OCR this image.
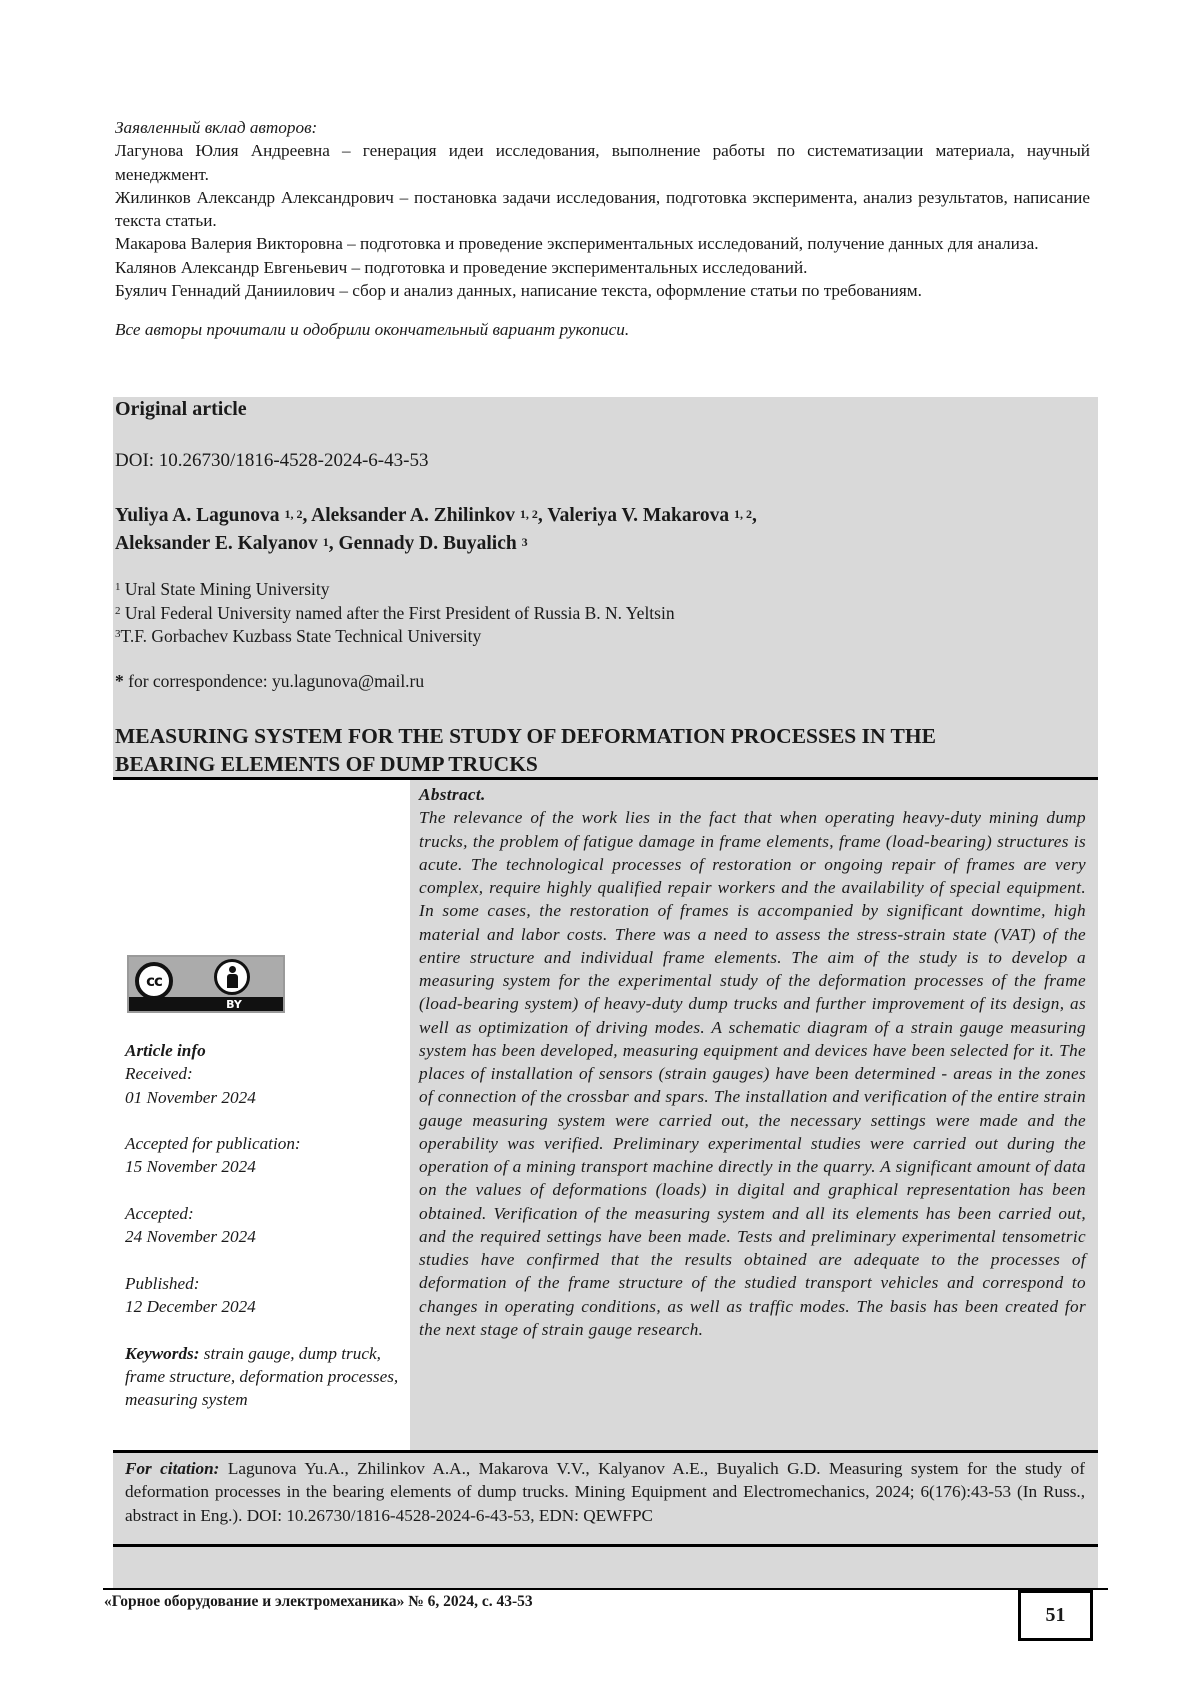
Заявленный вклад авторов:

Лагунова Юлия Андреевна – генерация идеи исследования, выполнение работы по систематизации материала, научный менеджмент.

Жилинков Александр Александрович – постановка задачи исследования, подготовка эксперимента, анализ результатов, написание текста статьи.

Макарова Валерия Викторовна – подготовка и проведение экспериментальных исследований, получение данных для анализа.

Калянов Александр Евгеньевич – подготовка и проведение экспериментальных исследований.

Буялич Геннадий Даниилович – сбор и анализ данных, написание текста, оформление статьи по требованиям.

Все авторы прочитали и одобрили окончательный вариант рукописи.

Original article
DOI: 10.26730/1816-4528-2024-6-43-53
Yuliya A. Lagunova $^{1, 2}$, Aleksander A. Zhilinkov $^{1, 2}$, Valeriya V. Makarova $^{1, 2}$,
Aleksander E. Kalyanov $^1$, Gennady D. Buyalich $^3$
$^1$ Ural State Mining University
$^2$ Ural Federal University named after the First President of Russia B. N. Yeltsin
$^3$T.F. Gorbachev Kuzbass State Technical University
* for correspondence: yu.lagunova@mail.ru
MEASURING SYSTEM FOR THE STUDY OF DEFORMATION PROCESSES IN THE
BEARING ELEMENTS OF DUMP TRUCKS
cc
BY
Article info
Received:
01 November 2024
Accepted for publication:
15 November 2024
Accepted:
24 November 2024
Published:
12 December 2024
Keywords: strain gauge, dump truck, frame structure, deformation processes, measuring system
Abstract.
The relevance of the work lies in the fact that when operating heavy-duty mining dump trucks, the problem of fatigue damage in frame elements, frame (load-bearing) structures is acute. The technological processes of restoration or ongoing repair of frames are very complex, require highly qualified repair workers and the availability of special equipment. In some cases, the restoration of frames is accompanied by significant downtime, high material and labor costs. There was a need to assess the stress-strain state (VAT) of the entire structure and individual frame elements. The aim of the study is to develop a measuring system for the experimental study of the deformation processes of the frame (load-bearing system) of heavy-duty dump trucks and further improvement of its design, as well as optimization of driving modes. A schematic diagram of a strain gauge measuring system has been developed, measuring equipment and devices have been selected for it. The places of installation of sensors (strain gauges) have been determined - areas in the zones of connection of the crossbar and spars. The installation and verification of the entire strain gauge measuring system were carried out, the necessary settings were made and the operability was verified. Preliminary experimental studies were carried out during the operation of a mining transport machine directly in the quarry. A significant amount of data on the values of deformations (loads) in digital and graphical representation has been obtained. Verification of the measuring system and all its elements has been carried out, and the required settings have been made. Tests and preliminary experimental tensometric studies have confirmed that the results obtained are adequate to the processes of deformation of the frame structure of the studied transport vehicles and correspond to changes in operating conditions, as well as traffic modes. The basis has been created for the next stage of strain gauge research.
For citation: Lagunova Yu.A., Zhilinkov A.A., Makarova V.V., Kalyanov A.E., Buyalich G.D. Measuring system for the study of deformation processes in the bearing elements of dump trucks. Mining Equipment and Electromechanics, 2024; 6(176):43-53 (In Russ., abstract in Eng.). DOI: 10.26730/1816-4528-2024-6-43-53, EDN: QEWFPC
«Горное оборудование и электромеханика» № 6, 2024, с. 43-53
51
